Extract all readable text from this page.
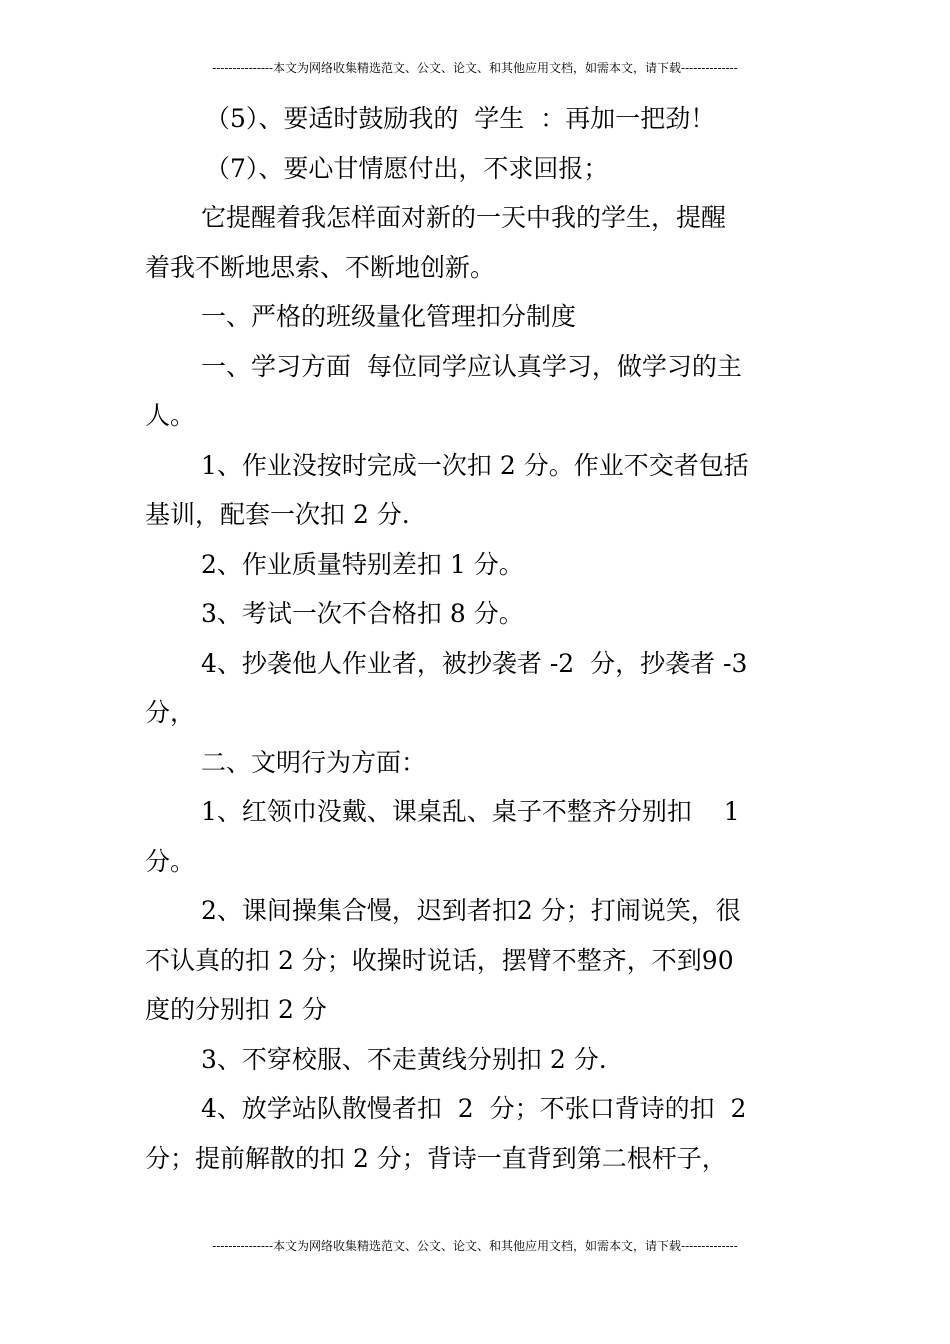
---------------本文为网络收集精选范文、公文、论文、和其他应用文档，如需本文，请下载--------------
（5）、要适时鼓励我的  学生  ：再加一把劲！
（7）、要心甘情愿付出，不求回报；
它提醒着我怎样面对新的一天中我的学生，提醒
着我不断地思索、不断地创新。
一、严格的班级量化管理扣分制度
一、学习方面  每位同学应认真学习，做学习的主
人。
1、作业没按时完成一次扣 2 分。作业不交者包括
基训，配套一次扣 2 分.
2、作业质量特别差扣 1 分。
3、考试一次不合格扣 8 分。
4、抄袭他人作业者，被抄袭者 -2  分，抄袭者 -3
分，
二、文明行为方面：
1、红领巾没戴、课桌乱、桌子不整齐分别扣    1
分。
2、课间操集合慢，迟到者扣2 分；打闹说笑，很
不认真的扣 2 分；收操时说话，摆臂不整齐，不到90
度的分别扣 2 分
3、不穿校服、不走黄线分别扣 2 分.
4、放学站队散慢者扣  2  分；不张口背诗的扣  2
分；提前解散的扣 2 分；背诗一直背到第二根杆子，
---------------本文为网络收集精选范文、公文、论文、和其他应用文档，如需本文，请下载--------------
